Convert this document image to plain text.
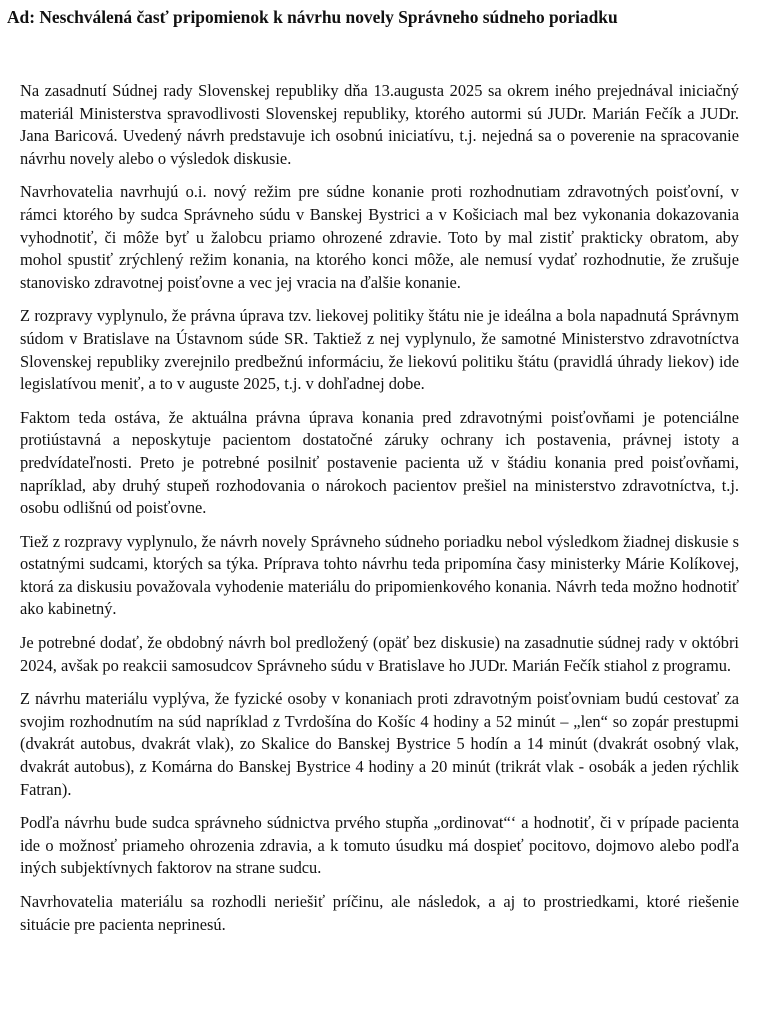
Ad: Neschválená časť pripomienok k návrhu novely Správneho súdneho poriadku

Na zasadnutí Súdnej rady Slovenskej republiky dňa 13.augusta 2025 sa okrem iného prejednával iniciačný materiál Ministerstva spravodlivosti Slovenskej republiky, ktorého autormi sú JUDr. Marián Fečík a JUDr. Jana Baricová. Uvedený návrh predstavuje ich osobnú iniciatívu, t.j. nejedná sa o poverenie na spracovanie návrhu novely alebo o výsledok diskusie.

Navrhovatelia navrhujú o.i. nový režim pre súdne konanie proti rozhodnutiam zdravotných poisťovní, v rámci ktorého by sudca Správneho súdu v Banskej Bystrici a v Košiciach mal bez vykonania dokazovania vyhodnotiť, či môže byť u žalobcu priamo ohrozené zdravie. Toto by mal zistiť prakticky obratom, aby mohol spustiť zrýchlený režim konania, na ktorého konci môže, ale nemusí vydať rozhodnutie, že zrušuje stanovisko zdravotnej poisťovne a vec jej vracia na ďalšie konanie.

Z rozpravy vyplynulo, že právna úprava tzv. liekovej politiky štátu nie je ideálna a bola napadnutá Správnym súdom v Bratislave na Ústavnom súde SR. Taktiež z nej vyplynulo, že samotné Ministerstvo zdravotníctva Slovenskej republiky zverejnilo predbežnú informáciu, že liekovú politiku štátu (pravidlá úhrady liekov) ide legislatívou meniť, a to v auguste 2025, t.j. v dohľadnej dobe.

Faktom teda ostáva, že aktuálna právna úprava konania pred zdravotnými poisťovňami je potenciálne protiústavná a neposkytuje pacientom dostatočné záruky ochrany ich postavenia, právnej istoty a predvídateľnosti. Preto je potrebné posilniť postavenie pacienta už v štádiu konania pred poisťovňami, napríklad, aby druhý stupeň rozhodovania o nárokoch pacientov prešiel na ministerstvo zdravotníctva, t.j. osobu odlišnú od poisťovne.

Tiež z rozpravy vyplynulo, že návrh novely Správneho súdneho poriadku nebol výsledkom žiadnej diskusie s ostatnými sudcami, ktorých sa týka. Príprava tohto návrhu teda pripomína časy ministerky Márie Kolíkovej, ktorá za diskusiu považovala vyhodenie materiálu do pripomienkového konania. Návrh teda možno hodnotiť ako kabinetný.

Je potrebné dodať, že obdobný návrh bol predložený (opäť bez diskusie) na zasadnutie súdnej rady v októbri 2024, avšak po reakcii samosudcov Správneho súdu v Bratislave ho JUDr. Marián Fečík stiahol z programu.

Z návrhu materiálu vyplýva, že fyzické osoby v konaniach proti zdravotným poisťovniam budú cestovať za svojim rozhodnutím na súd napríklad z Tvrdošína do Košíc 4 hodiny a 52 minút – „len“ so zopár prestupmi (dvakrát autobus, dvakrát vlak), zo Skalice do Banskej Bystrice 5 hodín a 14 minút (dvakrát osobný vlak, dvakrát autobus), z Komárna do Banskej Bystrice 4 hodiny a 20 minút (trikrát vlak - osobák a jeden rýchlik Fatran).

Podľa návrhu bude sudca správneho súdnictva prvého stupňa „ordinovat“‘ a hodnotiť, či v prípade pacienta ide o možnosť priameho ohrozenia zdravia, a k tomuto úsudku má dospieť pocitovo, dojmovo alebo podľa iných subjektívnych faktorov na strane sudcu.

Navrhovatelia materiálu sa rozhodli neriešiť príčinu, ale následok, a aj to prostriedkami, ktoré riešenie situácie pre pacienta neprinesú.
